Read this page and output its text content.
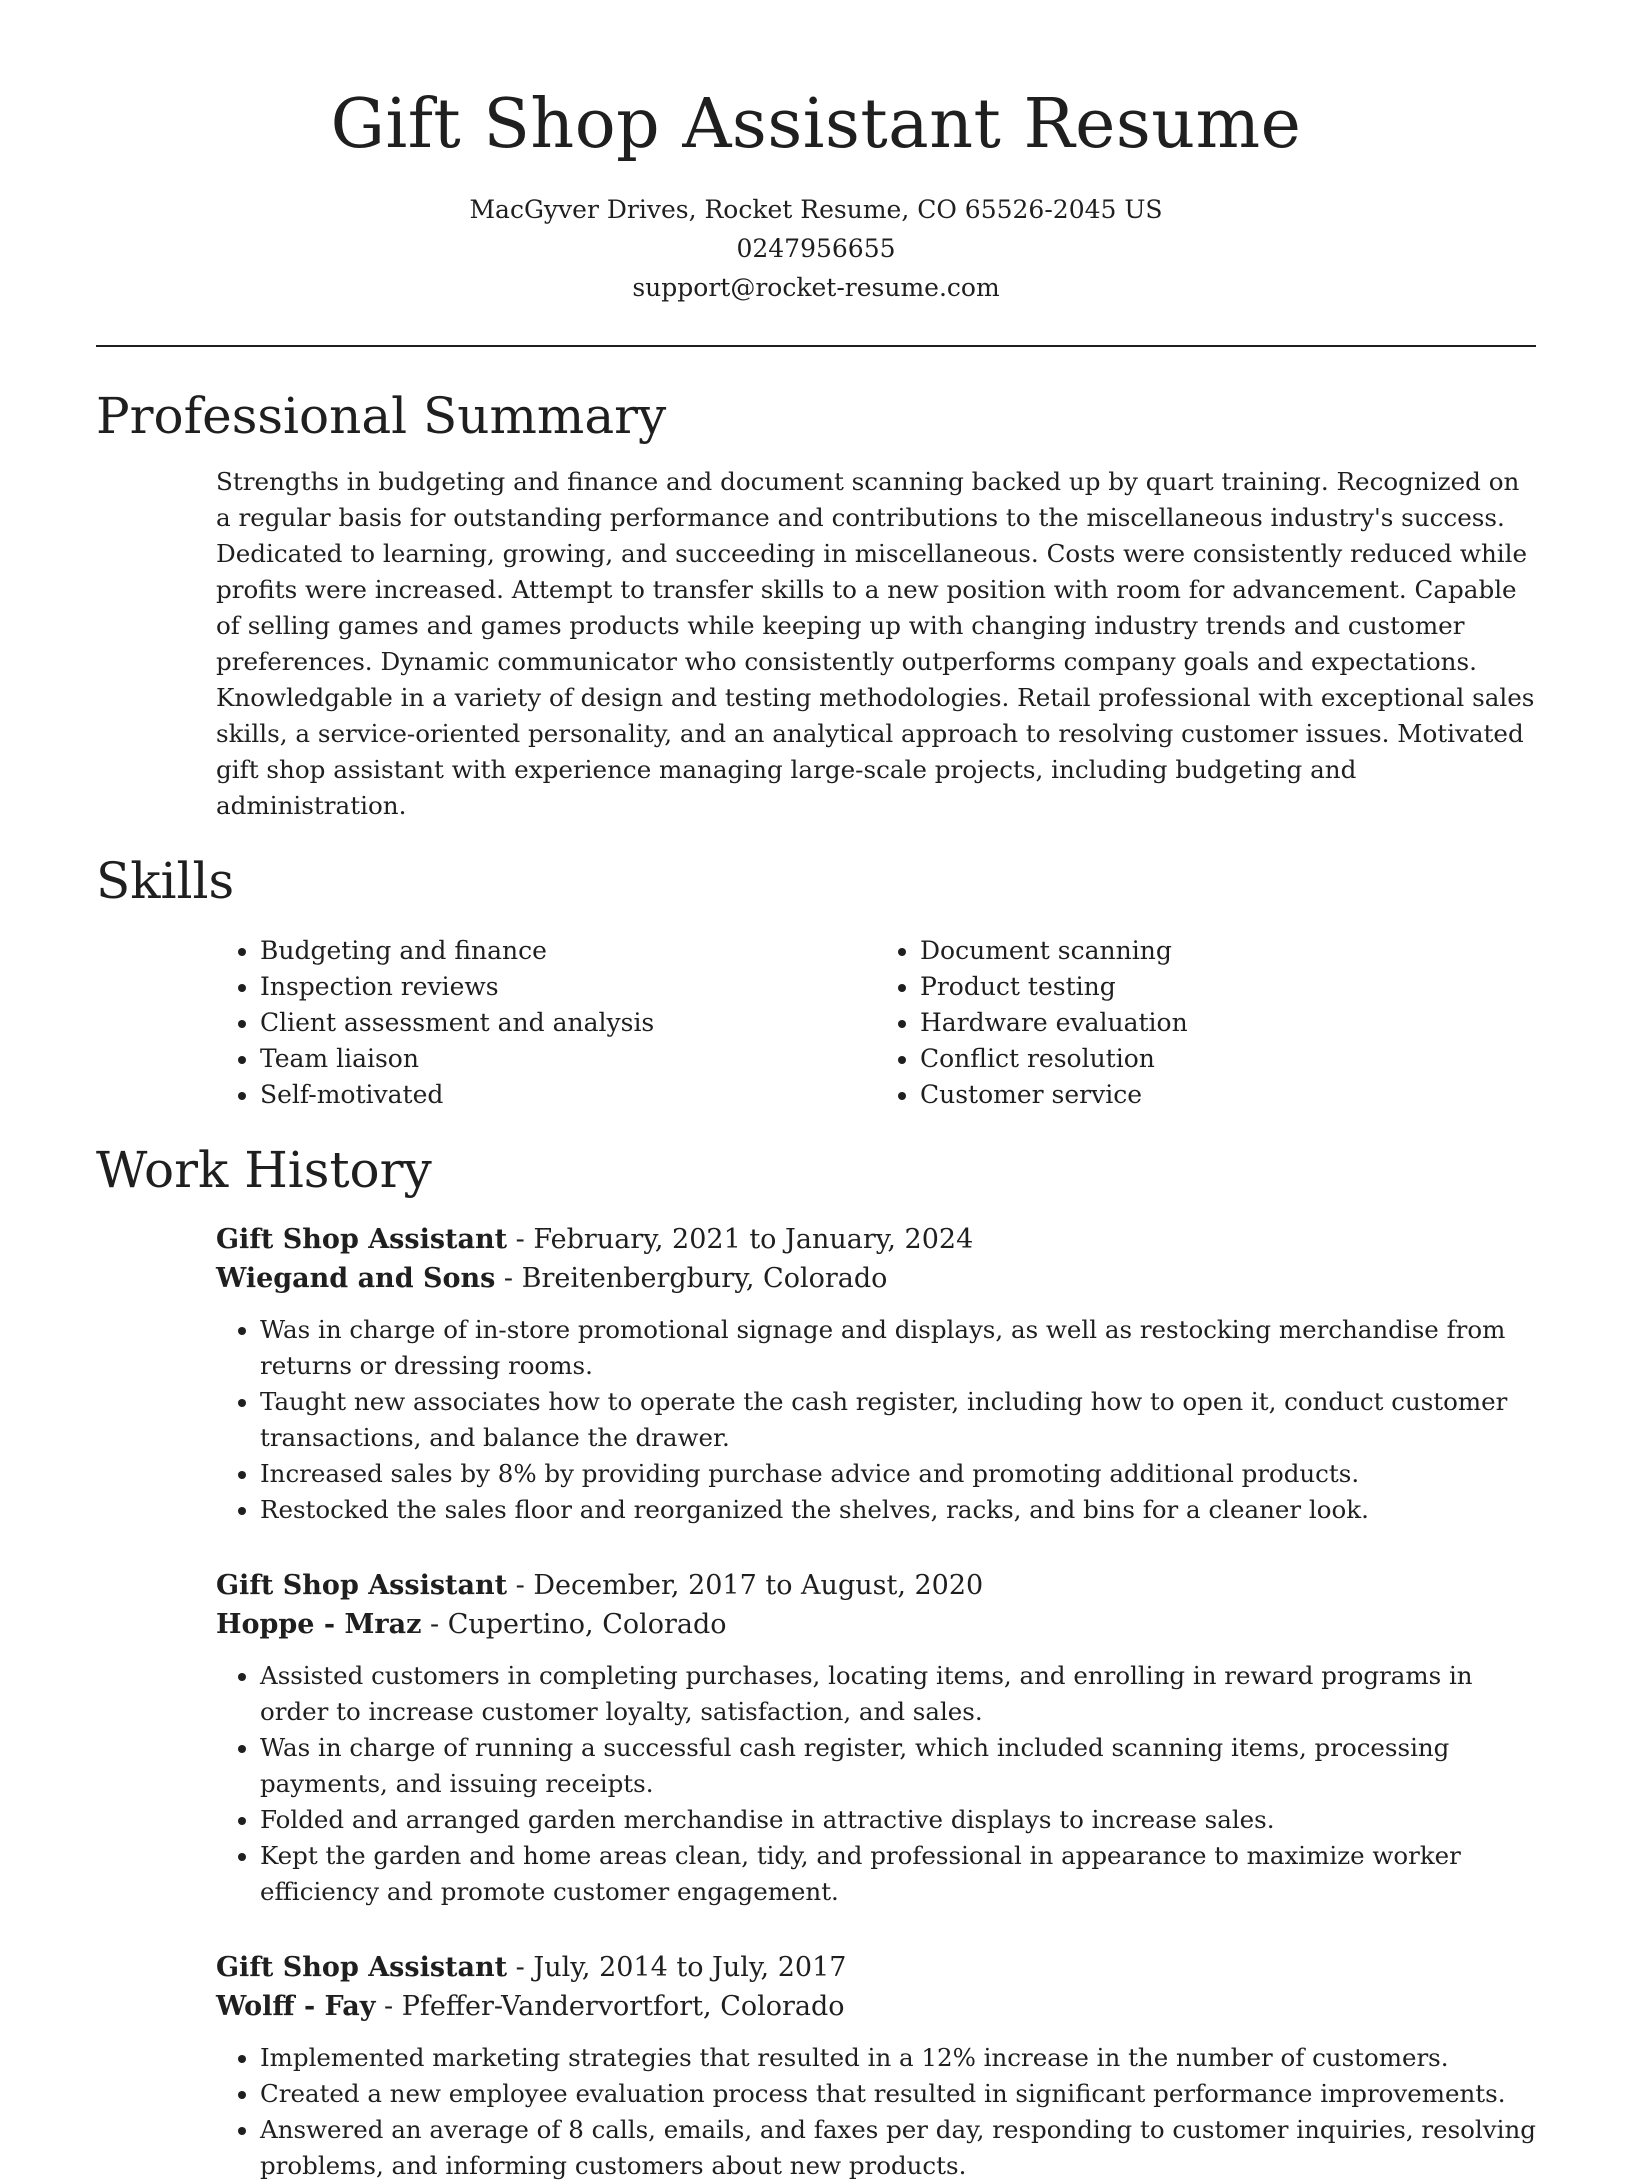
Gift Shop Assistant Resume
MacGyver Drives, Rocket Resume, CO 65526-2045 US
0247956655
support@rocket-resume.com
Professional Summary
Strengths in budgeting and finance and document scanning backed up by quart training. Recognized on a regular basis for outstanding performance and contributions to the miscellaneous industry's success. Dedicated to learning, growing, and succeeding in miscellaneous. Costs were consistently reduced while profits were increased. Attempt to transfer skills to a new position with room for advancement. Capable of selling games and games products while keeping up with changing industry trends and customer preferences. Dynamic communicator who consistently outperforms company goals and expectations. Knowledgable in a variety of design and testing methodologies. Retail professional with exceptional sales skills, a service-oriented personality, and an analytical approach to resolving customer issues. Motivated gift shop assistant with experience managing large-scale projects, including budgeting and administration.
Skills
• Budgeting and finance
• Inspection reviews
• Client assessment and analysis
• Team liaison
• Self-motivated
• Document scanning
• Product testing
• Hardware evaluation
• Conflict resolution
• Customer service
Work History
Gift Shop Assistant - February, 2021 to January, 2024
Wiegand and Sons - Breitenbergbury, Colorado
• Was in charge of in-store promotional signage and displays, as well as restocking merchandise from returns or dressing rooms.
• Taught new associates how to operate the cash register, including how to open it, conduct customer transactions, and balance the drawer.
• Increased sales by 8% by providing purchase advice and promoting additional products.
• Restocked the sales floor and reorganized the shelves, racks, and bins for a cleaner look.
Gift Shop Assistant - December, 2017 to August, 2020
Hoppe - Mraz - Cupertino, Colorado
• Assisted customers in completing purchases, locating items, and enrolling in reward programs in order to increase customer loyalty, satisfaction, and sales.
• Was in charge of running a successful cash register, which included scanning items, processing payments, and issuing receipts.
• Folded and arranged garden merchandise in attractive displays to increase sales.
• Kept the garden and home areas clean, tidy, and professional in appearance to maximize worker efficiency and promote customer engagement.
Gift Shop Assistant - July, 2014 to July, 2017
Wolff - Fay - Pfeffer-Vandervortfort, Colorado
• Implemented marketing strategies that resulted in a 12% increase in the number of customers.
• Created a new employee evaluation process that resulted in significant performance improvements.
• Answered an average of 8 calls, emails, and faxes per day, responding to customer inquiries, resolving problems, and informing customers about new products.
